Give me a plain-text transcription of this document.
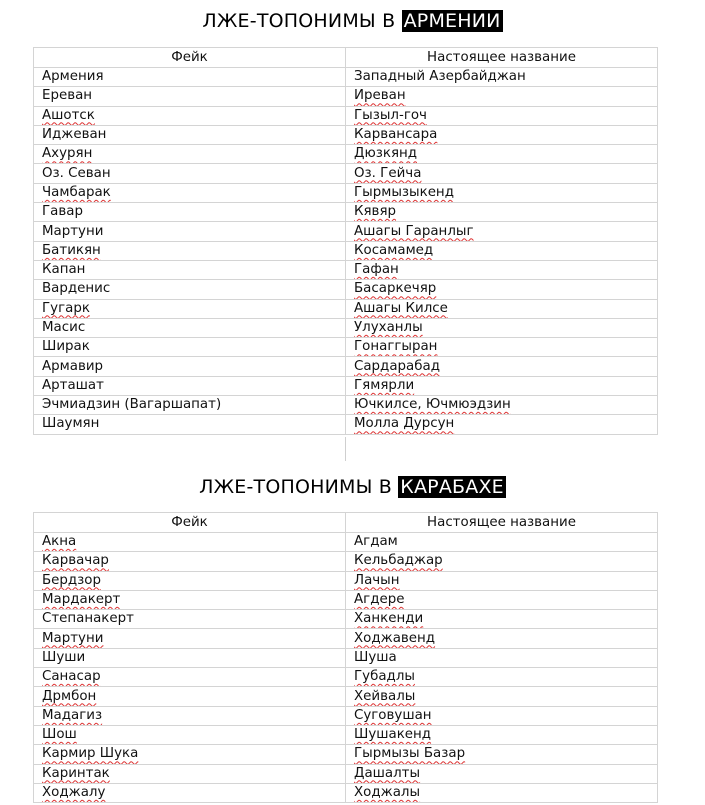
ЛЖЕ-ТОПОНИМЫ В АРМЕНИИ
Фейк	Настоящее название
Армения	Западный Азербайджан
Ереван	Иреван
Ашотск	Гызыл-гоч
Иджеван	Карвансара
Ахурян	Дюзкянд
Оз. Севан	Оз. Гейча
Чамбарак	Гырмызыкенд
Гавар	Кявяр
Мартуни	Ашагы Гаранлыг
Батикян	Косамамед
Капан	Гафан
Варденис	Басаркечяр
Гугарк	Ашагы Килсе
Масис	Улуханлы
Ширак	Гонаггыран
Армавир	Сардарабад
Арташат	Гямярли
Эчмиадзин (Вагаршапат)	Ючкилсе, Ючмюэдзин
Шаумян	Молла Дурсун
ЛЖЕ-ТОПОНИМЫ В КАРАБАХЕ
Фейк	Настоящее название
Акна	Агдам
Карвачар	Кельбаджар
Бердзор	Лачын
Мардакерт	Агдере
Степанакерт	Ханкенди
Мартуни	Ходжавенд
Шуши	Шуша
Санасар	Губадлы
Дрмбон	Хейвалы
Мадагиз	Суговушан
Шош	Шушакенд
Кармир Шука	Гырмызы Базар
Каринтак	Дашалты
Ходжалу	Ходжалы
